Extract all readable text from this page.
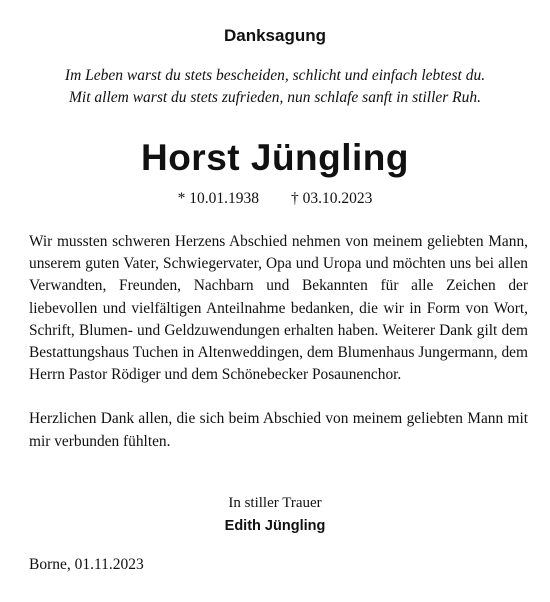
Danksagung
Im Leben warst du stets bescheiden, schlicht und einfach lebtest du.
Mit allem warst du stets zufrieden, nun schlafe sanft in stiller Ruh.
Horst Jüngling
* 10.01.1938 † 03.10.2023

Wir mussten schweren Herzens Abschied nehmen von meinem geliebten Mann, unserem guten Vater, Schwiegervater, Opa und Uropa und möchten uns bei allen Verwandten, Freunden, Nachbarn und Bekannten für alle Zeichen der liebevollen und vielfältigen Anteilnahme bedanken, die wir in Form von Wort, Schrift, Blumen- und Geldzuwendungen erhalten haben. Weiterer Dank gilt dem Bestattungshaus Tuchen in Altenweddingen, dem Blumenhaus Jungermann, dem Herrn Pastor Rödiger und dem Schönebecker Posaunenchor.

Herzlichen Dank allen, die sich beim Abschied von meinem geliebten Mann mit mir verbunden fühlten.

In stiller Trauer
Edith Jüngling
Borne, 01.11.2023
